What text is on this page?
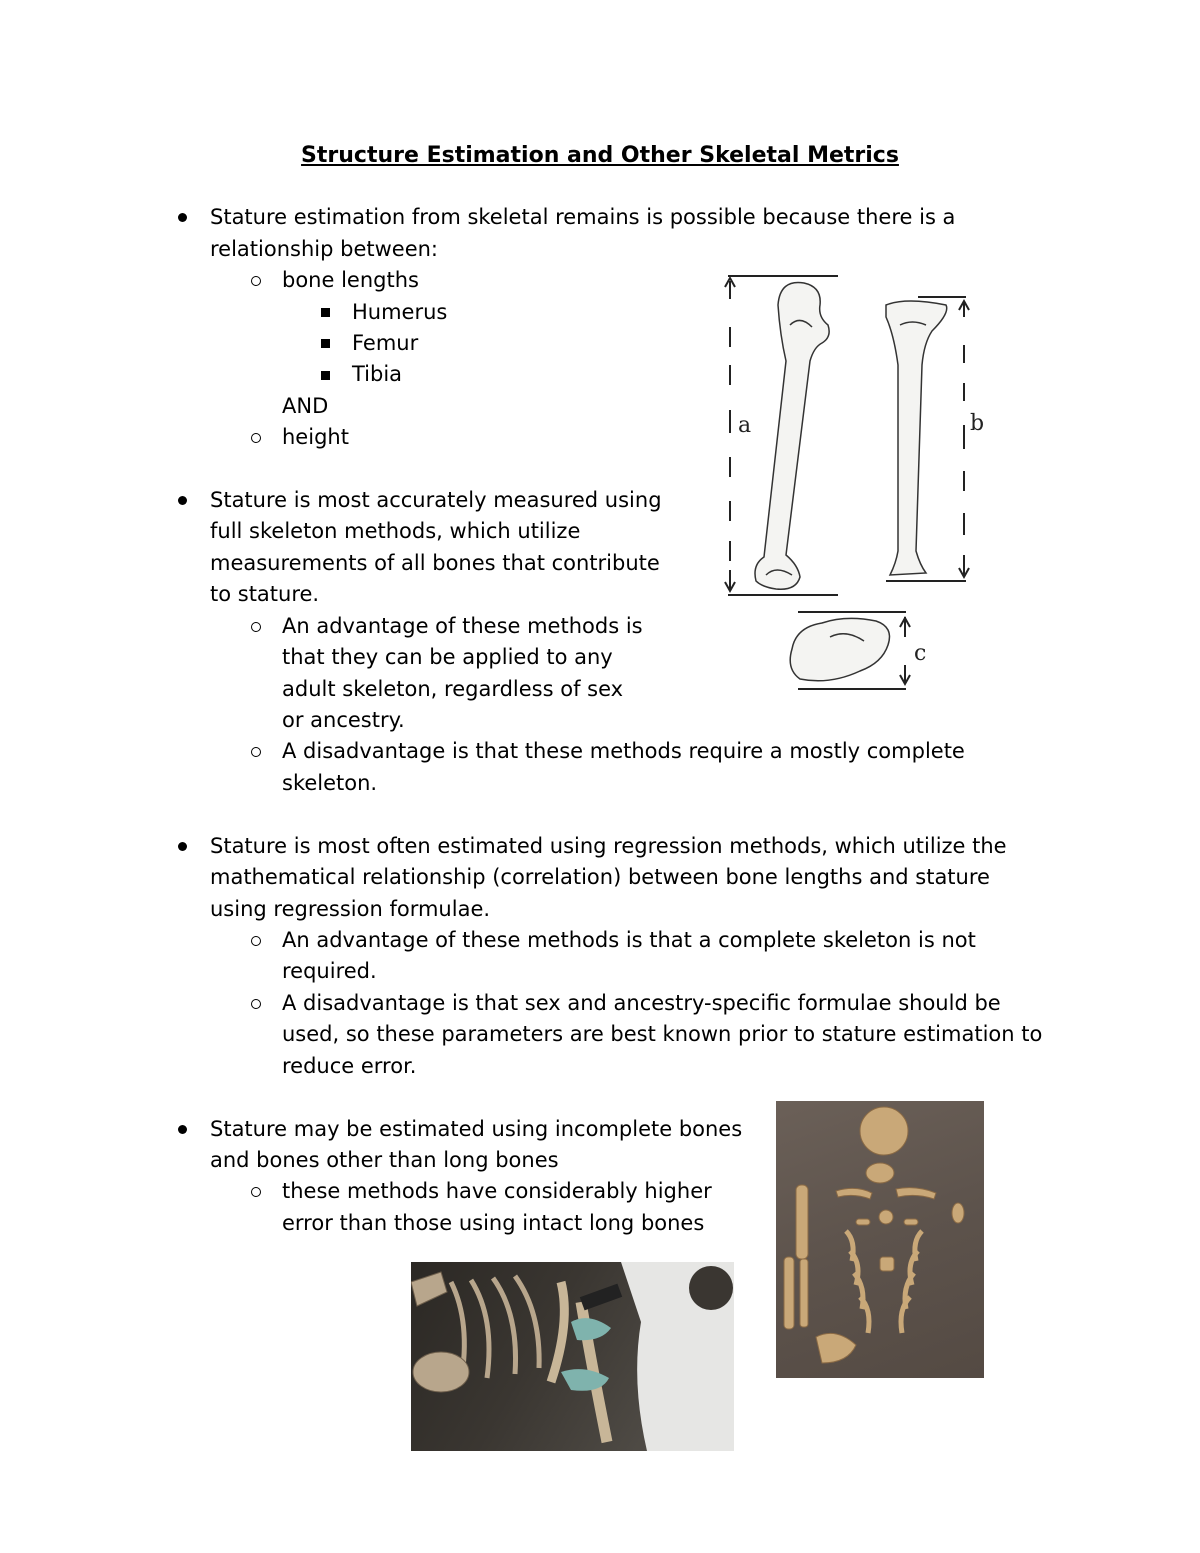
Structure Estimation and Other Skeletal Metrics
Stature estimation from skeletal remains is possible because there is a
relationship between:
bone lengths
Humerus
Femur
Tibia
AND
height
Stature is most accurately measured using
full skeleton methods, which utilize
measurements of all bones that contribute
to stature.
An advantage of these methods is
that they can be applied to any
adult skeleton, regardless of sex
or ancestry.
A disadvantage is that these methods require a mostly complete
skeleton.
Stature is most often estimated using regression methods, which utilize the
mathematical relationship (correlation) between bone lengths and stature
using regression formulae.
An advantage of these methods is that a complete skeleton is not
required.
A disadvantage is that sex and ancestry-specific formulae should be
used, so these parameters are best known prior to stature estimation to
reduce error.
Stature may be estimated using incomplete bones
and bones other than long bones
these methods have considerably higher
error than those using intact long bones
a	b
c
